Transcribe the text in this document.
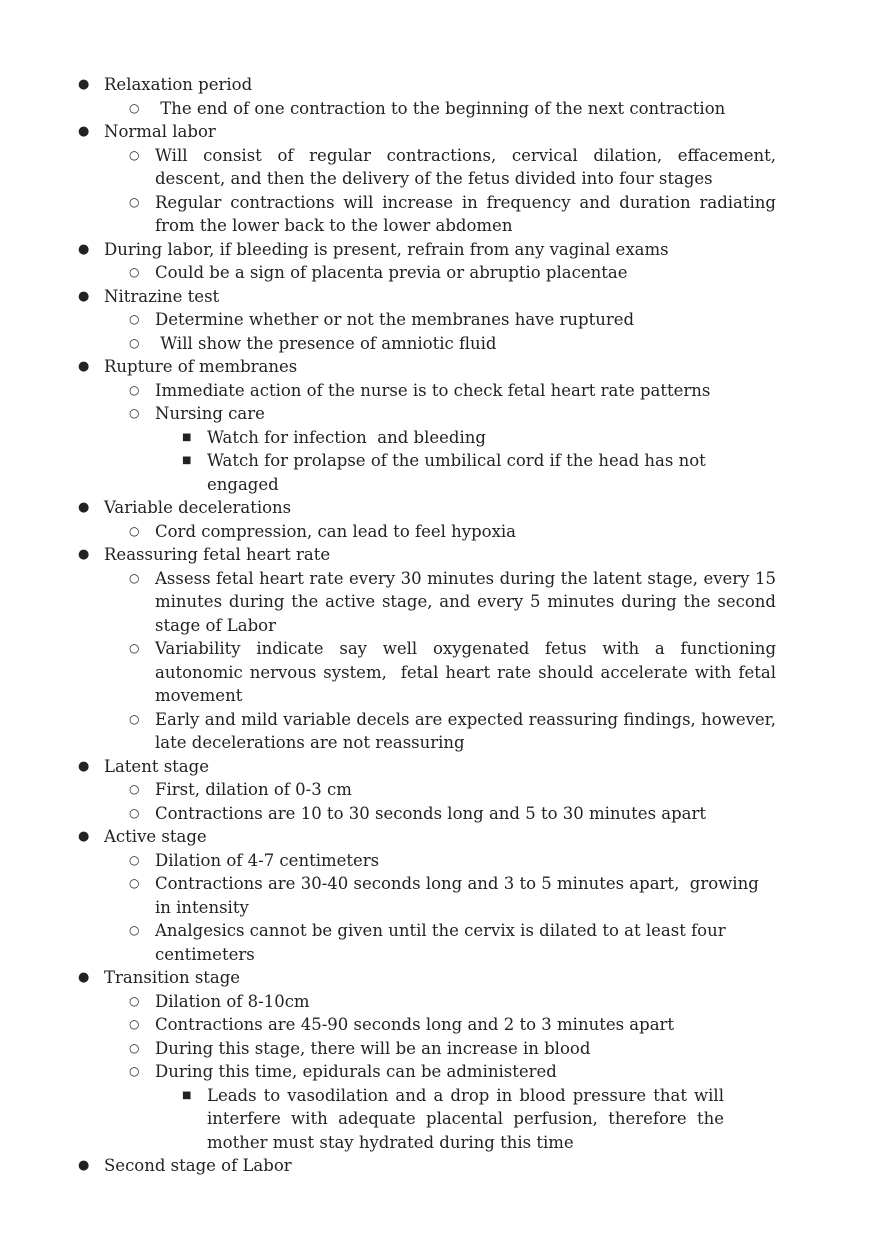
● Relaxation period
○ The end of one contraction to the beginning of the next contraction
● Normal labor
○ Will consist of regular contractions, cervical dilation, effacement, descent, and then the delivery of the fetus divided into four stages
○ Regular contractions will increase in frequency and duration radiating from the lower back to the lower abdomen
● During labor, if bleeding is present, refrain from any vaginal exams
○ Could be a sign of placenta previa or abruptio placentae
● Nitrazine test
○ Determine whether or not the membranes have ruptured
○ Will show the presence of amniotic fluid
● Rupture of membranes
○ Immediate action of the nurse is to check fetal heart rate patterns
○ Nursing care
■ Watch for infection  and bleeding
■ Watch for prolapse of the umbilical cord if the head has not engaged
● Variable decelerations
○ Cord compression, can lead to feel hypoxia
● Reassuring fetal heart rate
○ Assess fetal heart rate every 30 minutes during the latent stage, every 15 minutes during the active stage, and every 5 minutes during the second stage of Labor
○ Variability indicate say well oxygenated fetus with a functioning autonomic nervous system,  fetal heart rate should accelerate with fetal movement
○ Early and mild variable decels are expected reassuring findings, however, late decelerations are not reassuring
● Latent stage
○ First, dilation of 0-3 cm
○ Contractions are 10 to 30 seconds long and 5 to 30 minutes apart
● Active stage
○ Dilation of 4-7 centimeters
○ Contractions are 30-40 seconds long and 3 to 5 minutes apart,  growing in intensity
○ Analgesics cannot be given until the cervix is dilated to at least four centimeters
● Transition stage
○ Dilation of 8-10cm
○ Contractions are 45-90 seconds long and 2 to 3 minutes apart
○ During this stage, there will be an increase in blood
○ During this time, epidurals can be administered
■ Leads to vasodilation and a drop in blood pressure that will interfere with adequate placental perfusion, therefore the mother must stay hydrated during this time
● Second stage of Labor
